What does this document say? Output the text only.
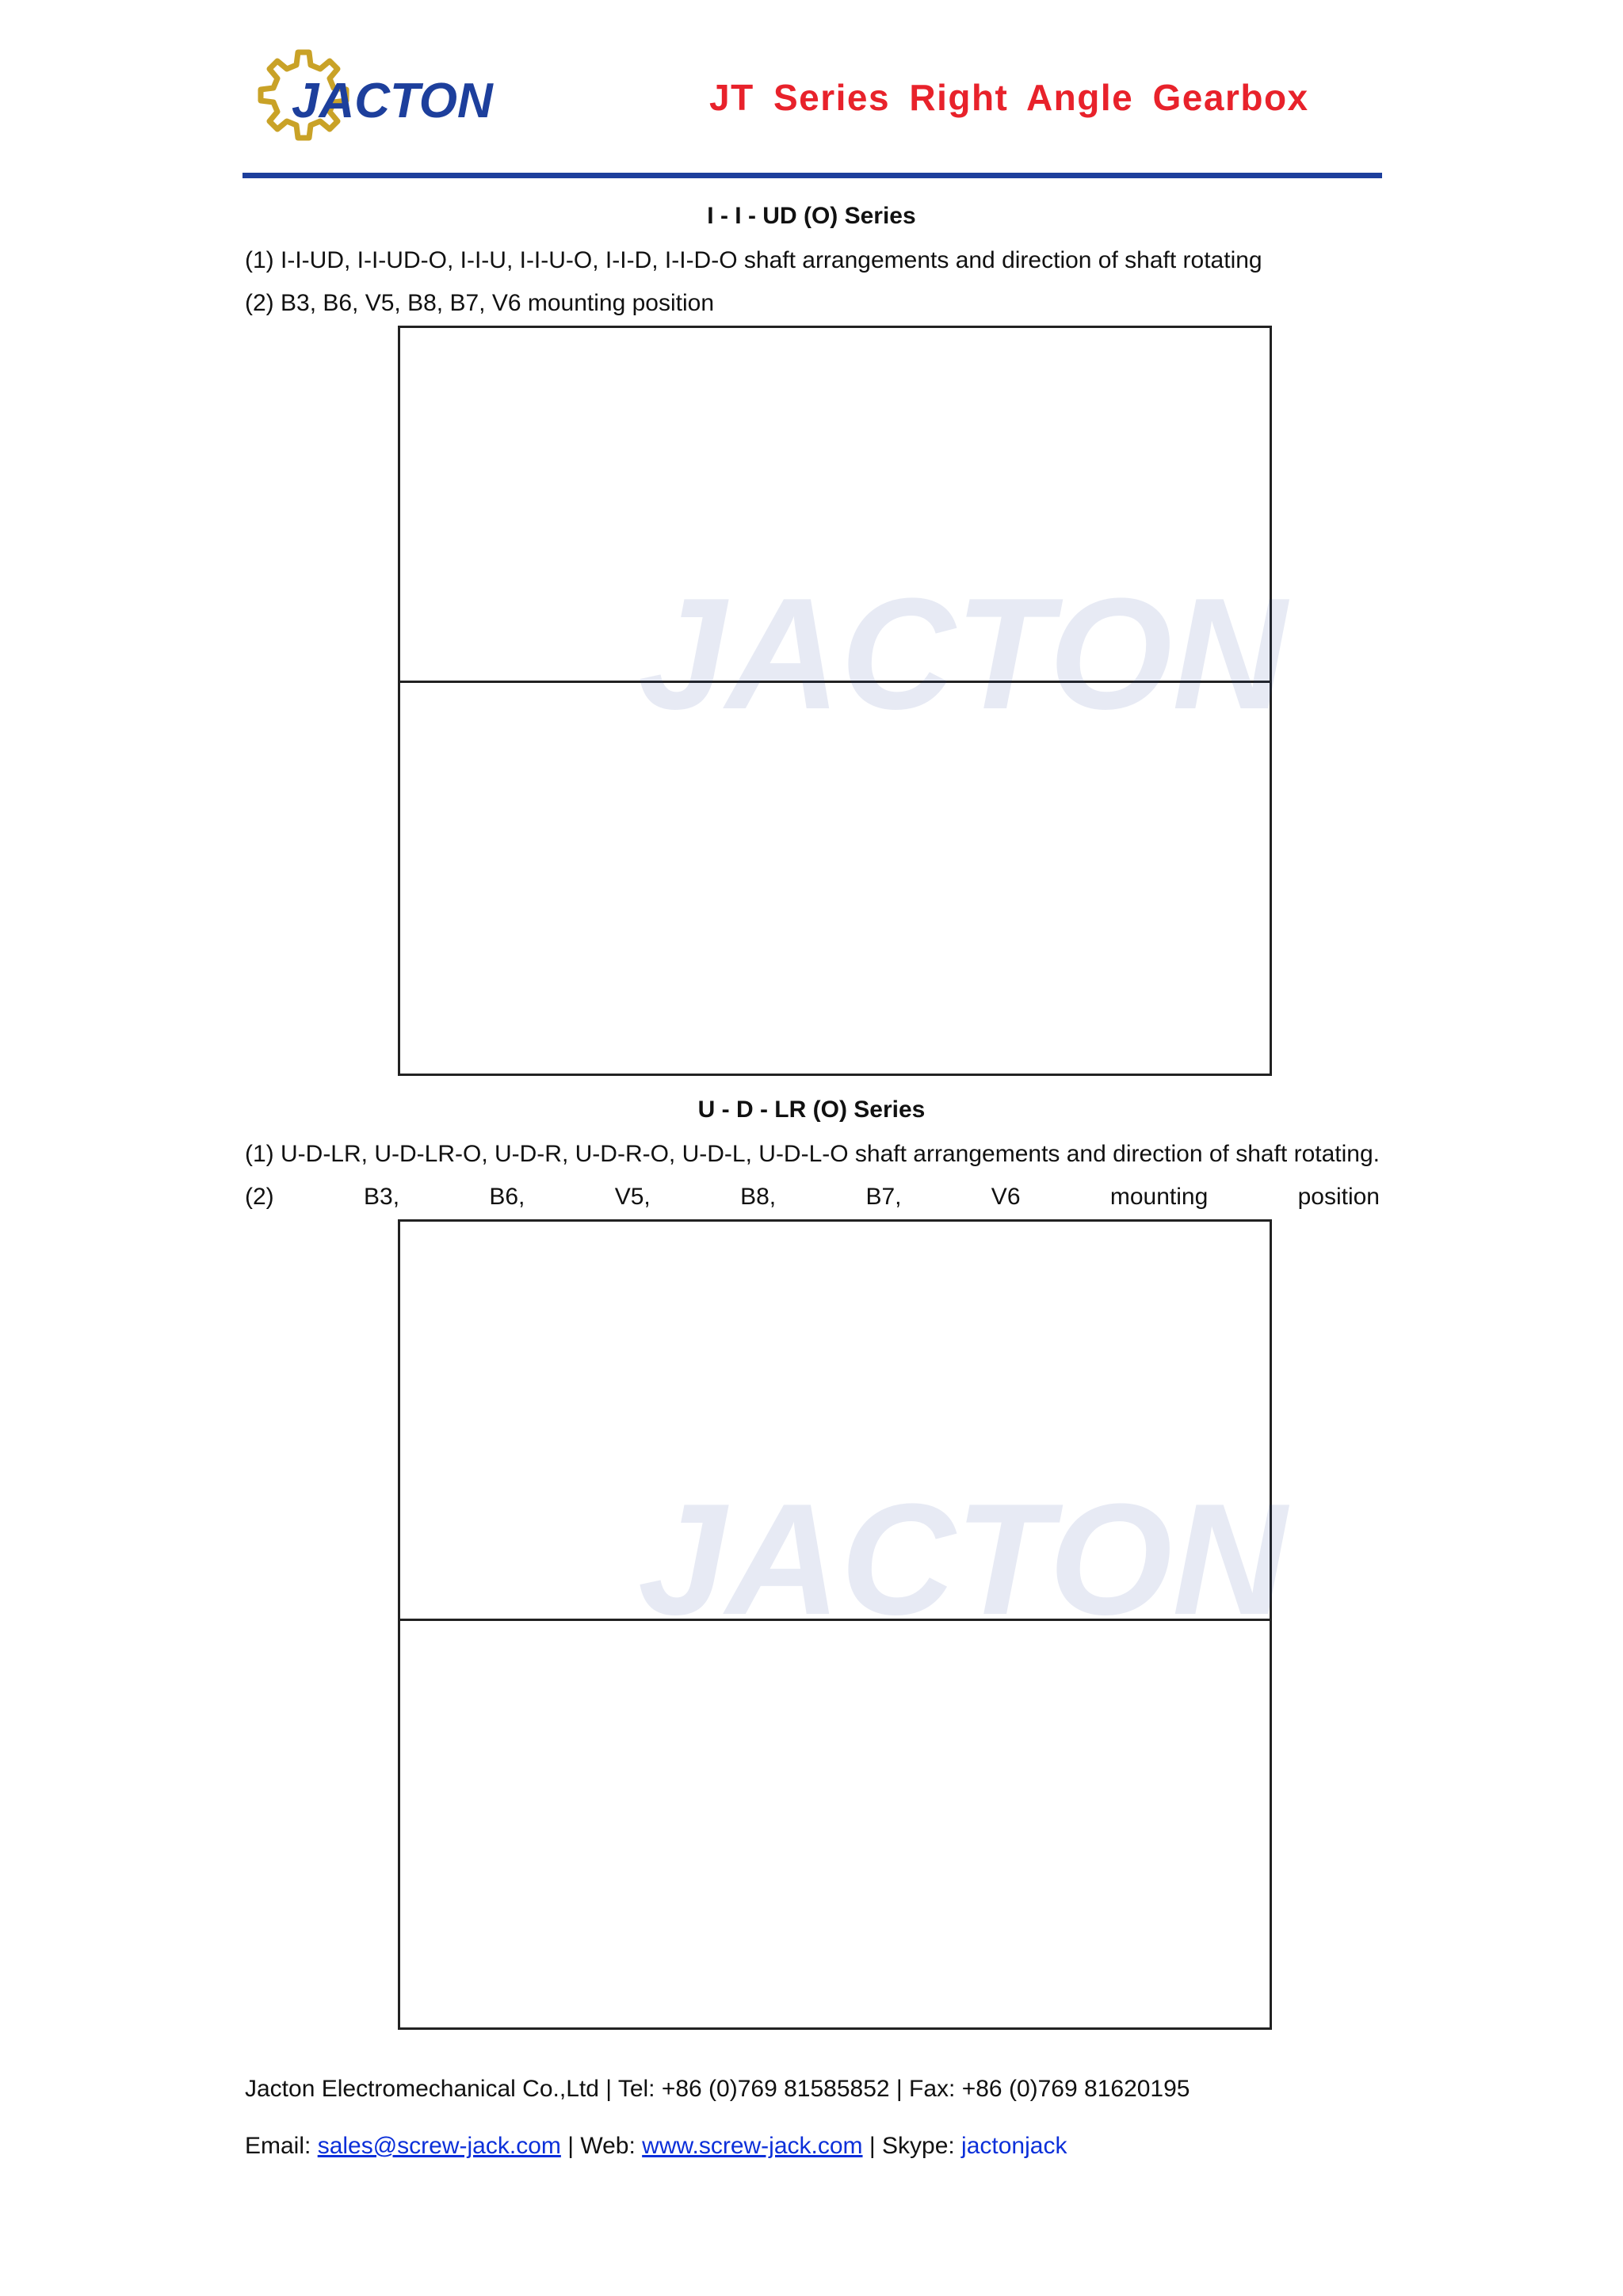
JACTON	JT Series Right Angle Gearbox
I - I - UD (O) Series
(1) I-I-UD, I-I-UD-O, I-I-U, I-I-U-O, I-I-D, I-I-D-O shaft arrangements and direction of shaft rotating
(2) B3, B6, V5, B8, B7, V6 mounting position
JACTON
U - D - LR (O) Series
(1) U-D-LR, U-D-LR-O, U-D-R, U-D-R-O, U-D-L, U-D-L-O shaft arrangements and direction of shaft rotating. (2) B3, B6, V5, B8, B7, V6 mounting position
JACTON
Jacton Electromechanical Co.,Ltd | Tel: +86 (0)769 81585852 | Fax: +86 (0)769 81620195
Email: sales@screw-jack.com | Web: www.screw-jack.com | Skype: jactonjack
